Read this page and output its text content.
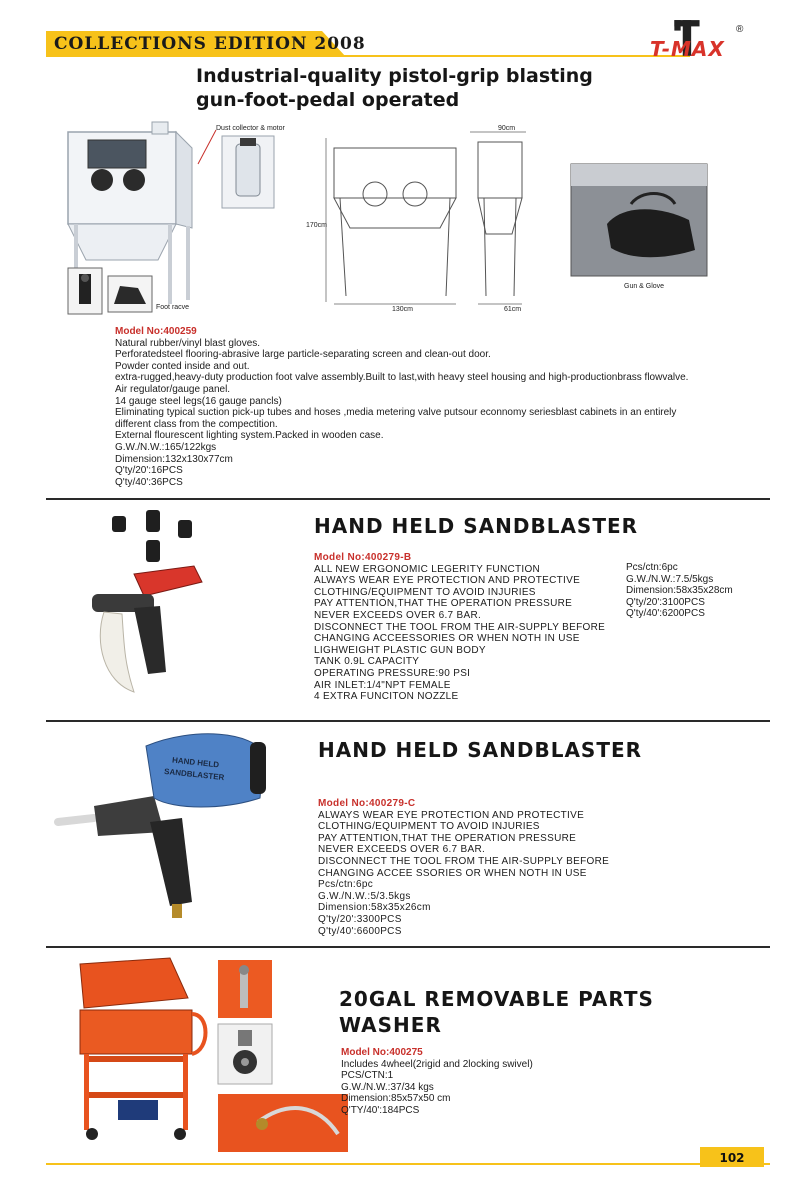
COLLECTIONS EDITION 2008	T-MAX
®
Industrial-quality pistol-grip blasting
gun-foot-pedal operated
Foot racve
Dust collector & motor	90cm
170cm
130cm	61cm
Gun & Glove
Model No:400259
Natural rubber/vinyl blast gloves.
Perforatedsteel flooring-abrasive large particle-separating screen and clean-out door.
Powder conted inside and out.
extra-rugged,heavy-duty production foot valve assembly.Built to last,with heavy steel housing and high-productionbrass flowvalve.
Air regulator/gauge panel.
14 gauge steel legs(16 gauge pancls)
Eliminating typical suction pick-up tubes and hoses ,media metering valve putsour econnomy seriesblast cabinets in an entirely
different class from the compectition.
External flourescent lighting system.Packed in wooden case.
G.W./N.W.:165/122kgs
Dimension:132x130x77cm
Q'ty/20':16PCS
Q'ty/40':36PCS
HAND HELD SANDBLASTER
Model No:400279-B
ALL NEW ERGONOMIC LEGERITY FUNCTION
ALWAYS WEAR EYE PROTECTION AND PROTECTIVE
CLOTHING/EQUIPMENT TO AVOID INJURIES
PAY ATTENTION,THAT THE OPERATION PRESSURE
NEVER EXCEEDS OVER 6.7 BAR.
DISCONNECT THE TOOL FROM THE AIR-SUPPLY BEFORE
CHANGING ACCEESSORIES OR WHEN NOTH IN USE
LIGHWEIGHT PLASTIC GUN BODY
TANK 0.9L CAPACITY
OPERATING PRESSURE:90 PSI
AIR INLET:1/4"NPT FEMALE
4 EXTRA FUNCITON NOZZLE
Pcs/ctn:6pc
G.W./N.W.:7.5/5kgs
Dimension:58x35x28cm
Q'ty/20':3100PCS
Q'ty/40':6200PCS
HAND HELD
SANDBLASTER
HAND HELD SANDBLASTER
Model No:400279-C
ALWAYS WEAR EYE PROTECTION AND PROTECTIVE
CLOTHING/EQUIPMENT TO AVOID INJURIES
PAY ATTENTION,THAT THE OPERATION PRESSURE
NEVER EXCEEDS OVER 6.7 BAR.
DISCONNECT THE TOOL FROM THE AIR-SUPPLY BEFORE
CHANGING ACCEE SSORIES OR WHEN NOTH IN USE
Pcs/ctn:6pc
G.W./N.W.:5/3.5kgs
Dimension:58x35x26cm
Q'ty/20':3300PCS
Q'ty/40':6600PCS
20GAL REMOVABLE PARTS
WASHER
Model No:400275
Includes 4wheel(2rigid and 2locking swivel)
PCS/CTN:1
G.W./N.W.:37/34 kgs
Dimension:85x57x50 cm
Q'TY/40':184PCS
102
